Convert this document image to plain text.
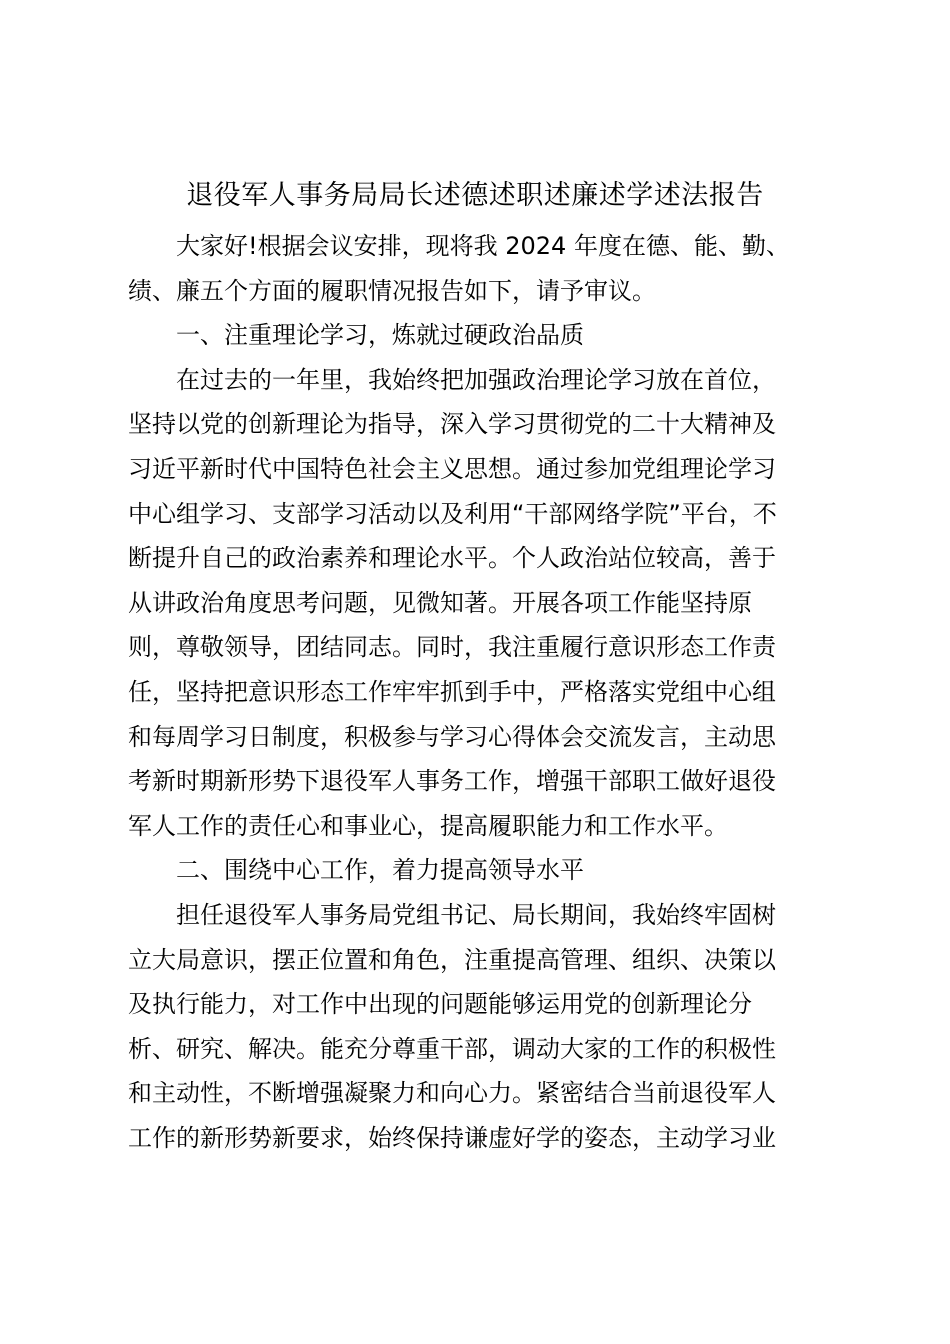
退役军人事务局局长述德述职述廉述学述法报告
大家好!根据会议安排，现将我 2024 年度在德、能、勤、
绩、廉五个方面的履职情况报告如下，请予审议。
一、注重理论学习，炼就过硬政治品质
在过去的一年里，我始终把加强政治理论学习放在首位，
坚持以党的创新理论为指导，深入学习贯彻党的二十大精神及
习近平新时代中国特色社会主义思想。通过参加党组理论学习
中心组学习、支部学习活动以及利用“干部网络学院”平台，不
断提升自己的政治素养和理论水平。个人政治站位较高，善于
从讲政治角度思考问题，见微知著。开展各项工作能坚持原
则，尊敬领导，团结同志。同时，我注重履行意识形态工作责
任，坚持把意识形态工作牢牢抓到手中，严格落实党组中心组
和每周学习日制度，积极参与学习心得体会交流发言，主动思
考新时期新形势下退役军人事务工作，增强干部职工做好退役
军人工作的责任心和事业心，提高履职能力和工作水平。
二、围绕中心工作，着力提高领导水平
担任退役军人事务局党组书记、局长期间，我始终牢固树
立大局意识，摆正位置和角色，注重提高管理、组织、决策以
及执行能力，对工作中出现的问题能够运用党的创新理论分
析、研究、解决。能充分尊重干部，调动大家的工作的积极性
和主动性，不断增强凝聚力和向心力。紧密结合当前退役军人
工作的新形势新要求，始终保持谦虚好学的姿态，主动学习业
